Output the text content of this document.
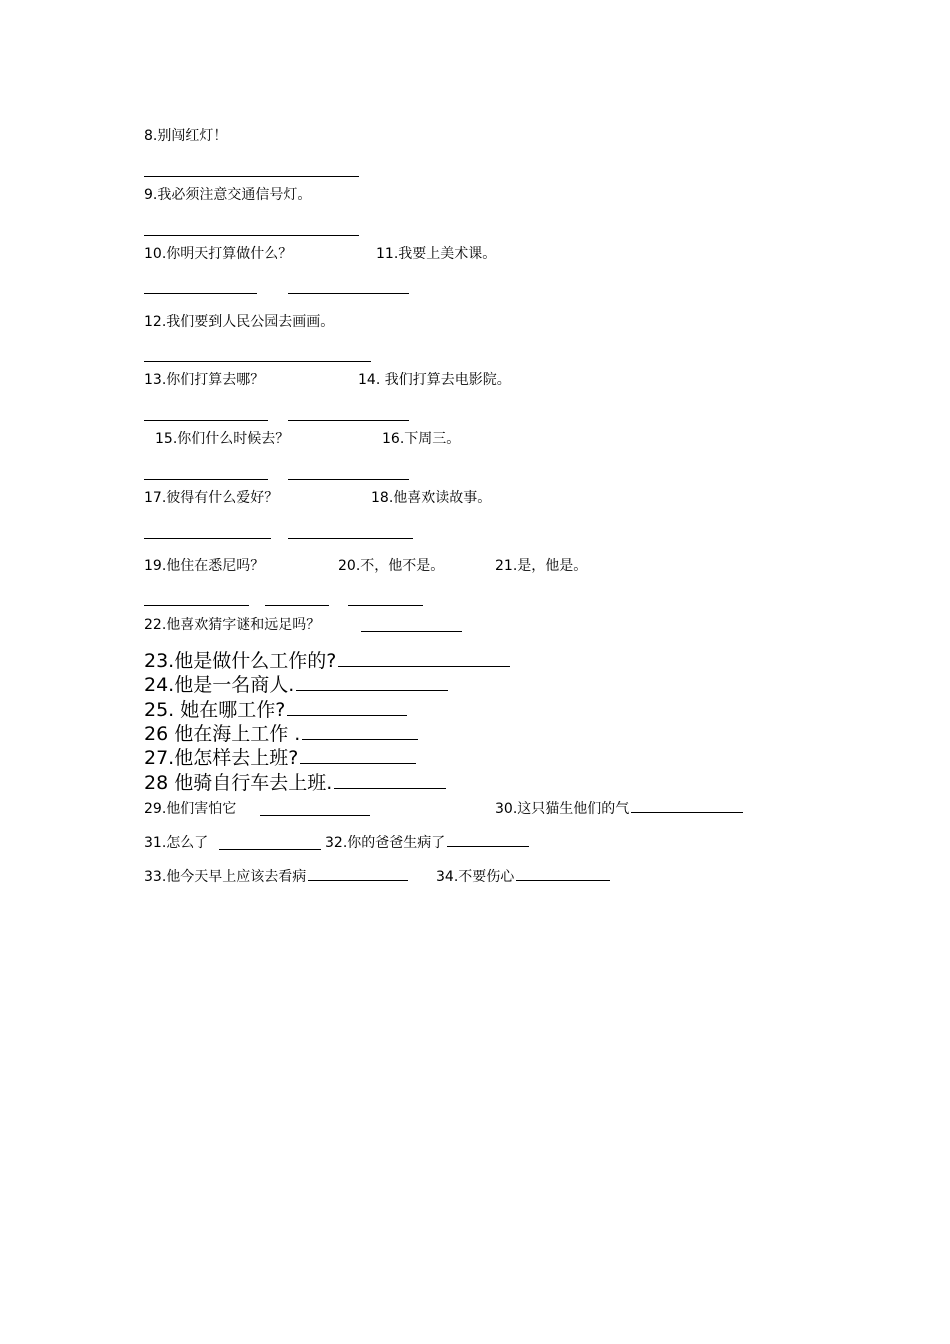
8.别闯红灯！
9.我必须注意交通信号灯。
10.你明天打算做什么？	11.我要上美术课。
12.我们要到人民公园去画画。
13.你们打算去哪？	14. 我们打算去电影院。
15.你们什么时候去？	16.下周三。
17.彼得有什么爱好？	18.他喜欢读故事。
19.他住在悉尼吗？	20.不，他不是。	21.是，他是。
22.他喜欢猜字谜和远足吗？
23.他是做什么工作的?
24.他是一名商人.
25. 她在哪工作?
26 他在海上工作 .
27.他怎样去上班?
28 他骑自行车去上班.
29.他们害怕它	30.这只猫生他们的气
31.怎么了	32.你的爸爸生病了
33.他今天早上应该去看病	34.不要伤心
